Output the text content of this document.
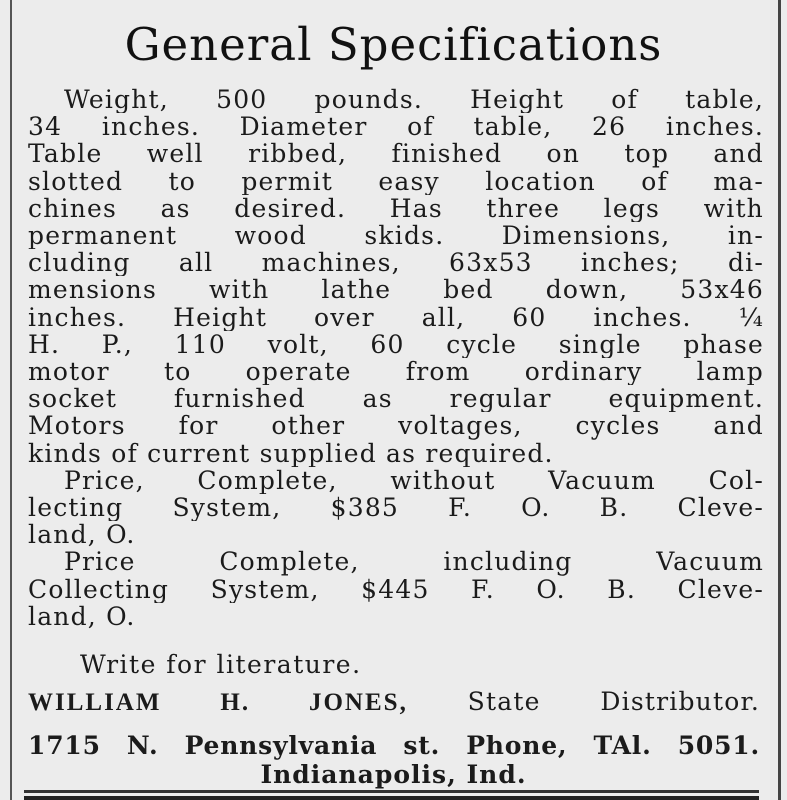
General Specifications
Weight, 500 pounds. Height of table,
34 inches. Diameter of table, 26 inches.
Table well ribbed, finished on top and
slotted to permit easy location of ma-
chines as desired. Has three legs with
permanent wood skids. Dimensions, in-
cluding all machines, 63x53 inches; di-
mensions with lathe bed down, 53x46
inches. Height over all, 60 inches. ¼
H. P., 110 volt, 60 cycle single phase
motor to operate from ordinary lamp
socket furnished as regular equipment.
Motors for other voltages, cycles and
kinds of current supplied as required.
Price, Complete, without Vacuum Col-
lecting System, $385 F. O. B. Cleve-
land, O.
Price Complete, including Vacuum
Collecting System, $445 F. O. B. Cleve-
land, O.
Write for literature.
WILLIAM H. JONES, State Distributor.
1715 N. Pennsylvania st. Phone, TAl. 5051.
Indianapolis, Ind.
